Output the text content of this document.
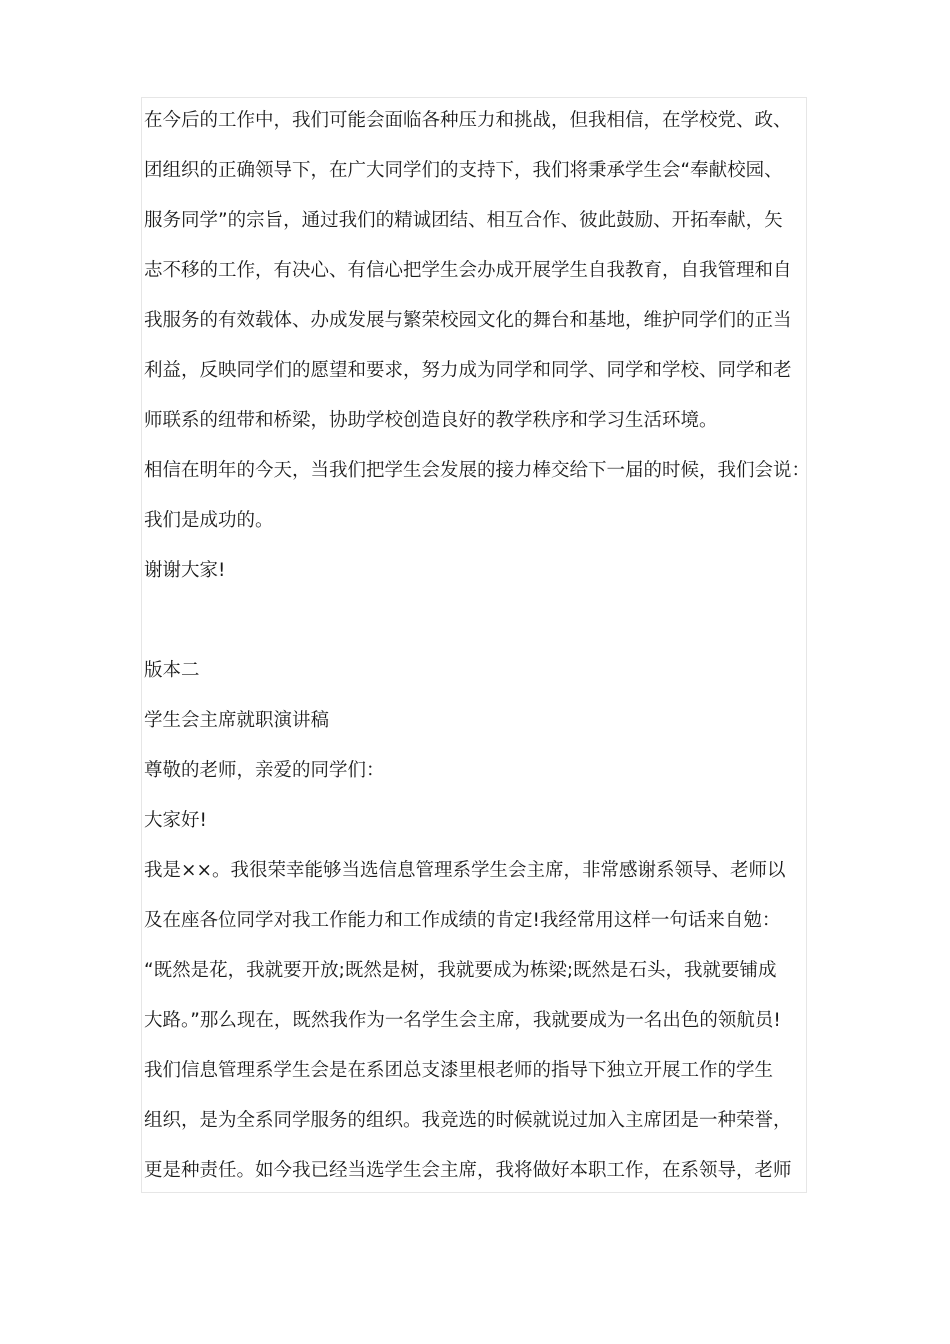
在今后的工作中，我们可能会面临各种压力和挑战，但我相信，在学校党、政、
团组织的正确领导下，在广大同学们的支持下，我们将秉承学生会“奉献校园、
服务同学”的宗旨，通过我们的精诚团结、相互合作、彼此鼓励、开拓奉献，矢
志不移的工作，有决心、有信心把学生会办成开展学生自我教育，自我管理和自
我服务的有效载体、办成发展与繁荣校园文化的舞台和基地，维护同学们的正当
利益，反映同学们的愿望和要求，努力成为同学和同学、同学和学校、同学和老
师联系的纽带和桥梁，协助学校创造良好的教学秩序和学习生活环境。
相信在明年的今天，当我们把学生会发展的接力棒交给下一届的时候，我们会说：
我们是成功的。
谢谢大家!
版本二
学生会主席就职演讲稿
尊敬的老师，亲爱的同学们：
大家好!
我是××。我很荣幸能够当选信息管理系学生会主席，非常感谢系领导、老师以
及在座各位同学对我工作能力和工作成绩的肯定!我经常用这样一句话来自勉：
“既然是花，我就要开放;既然是树，我就要成为栋梁;既然是石头，我就要铺成
大路。”那么现在，既然我作为一名学生会主席，我就要成为一名出色的领航员!
我们信息管理系学生会是在系团总支漆里根老师的指导下独立开展工作的学生
组织，是为全系同学服务的组织。我竞选的时候就说过加入主席团是一种荣誉，
更是种责任。如今我已经当选学生会主席，我将做好本职工作，在系领导，老师
